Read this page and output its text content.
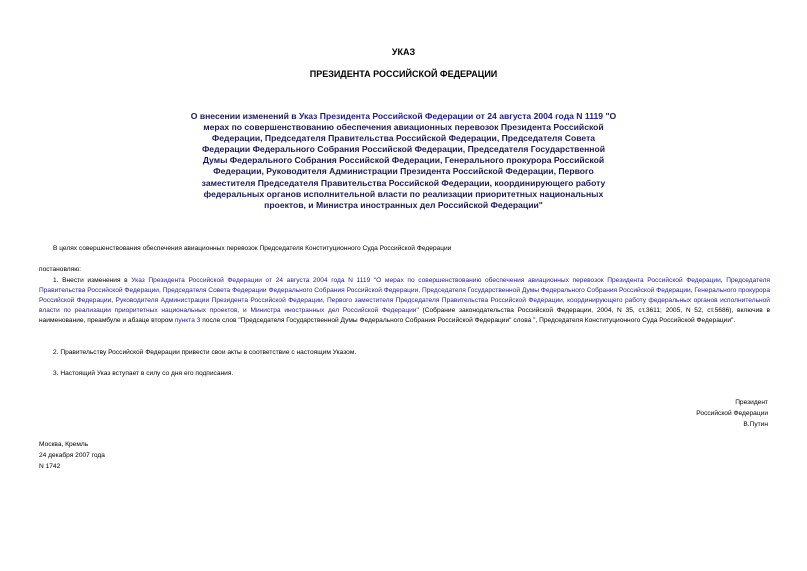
УКАЗ
ПРЕЗИДЕНТА РОССИЙСКОЙ ФЕДЕРАЦИИ
О внесении изменений в Указ Президента Российской Федерации от 24 августа 2004 года N 1119 "О мерах по совершенствованию обеспечения авиационных перевозок Президента Российской Федерации, Председателя Правительства Российской Федерации, Председателя Совета Федерации Федерального Собрания Российской Федерации, Председателя Государственной Думы Федерального Собрания Российской Федерации, Генерального прокурора Российской Федерации, Руководителя Администрации Президента Российской Федерации, Первого заместителя Председателя Правительства Российской Федерации, координирующего работу федеральных органов исполнительной власти по реализации приоритетных национальных проектов, и Министра иностранных дел Российской Федерации"
В целях совершенствования обеспечения авиационных перевозок Председателя Конституционного Суда Российской Федерации
постановляю:
1. Внести изменения в Указ Президента Российской Федерации от 24 августа 2004 года N 1119 "О мерах по совершенствованию обеспечения авиационных перевозок Президента Российской Федерации, Председателя Правительства Российской Федерации, Председателя Совета Федерации Федерального Собрания Российской Федерации, Председателя Государственной Думы Федерального Собрания Российской Федерации, Генерального прокурора Российской Федерации, Руководителя Администрации Президента Российской Федерации, Первого заместителя Председателя Правительства Российской Федерации, координирующего работу федеральных органов исполнительной власти по реализации приоритетных национальных проектов, и Министра иностранных дел Российской Федерации" (Собрание законодательства Российской Федерации, 2004, N 35, ст.3611; 2005, N 52, ст.5686), включив в наименование, преамбуле и абзаце втором пункта 3 после слов "Председателя Государственной Думы Федерального Собрания Российской Федерации" слова ", Председателя Конституционного Суда Российской Федерации".
2. Правительству Российской Федерации привести свои акты в соответствие с настоящим Указом.
3. Настоящий Указ вступает в силу со дня его подписания.
Президент
Российской Федерации
В.Путин
Москва, Кремль
24 декабря 2007 года
N 1742
